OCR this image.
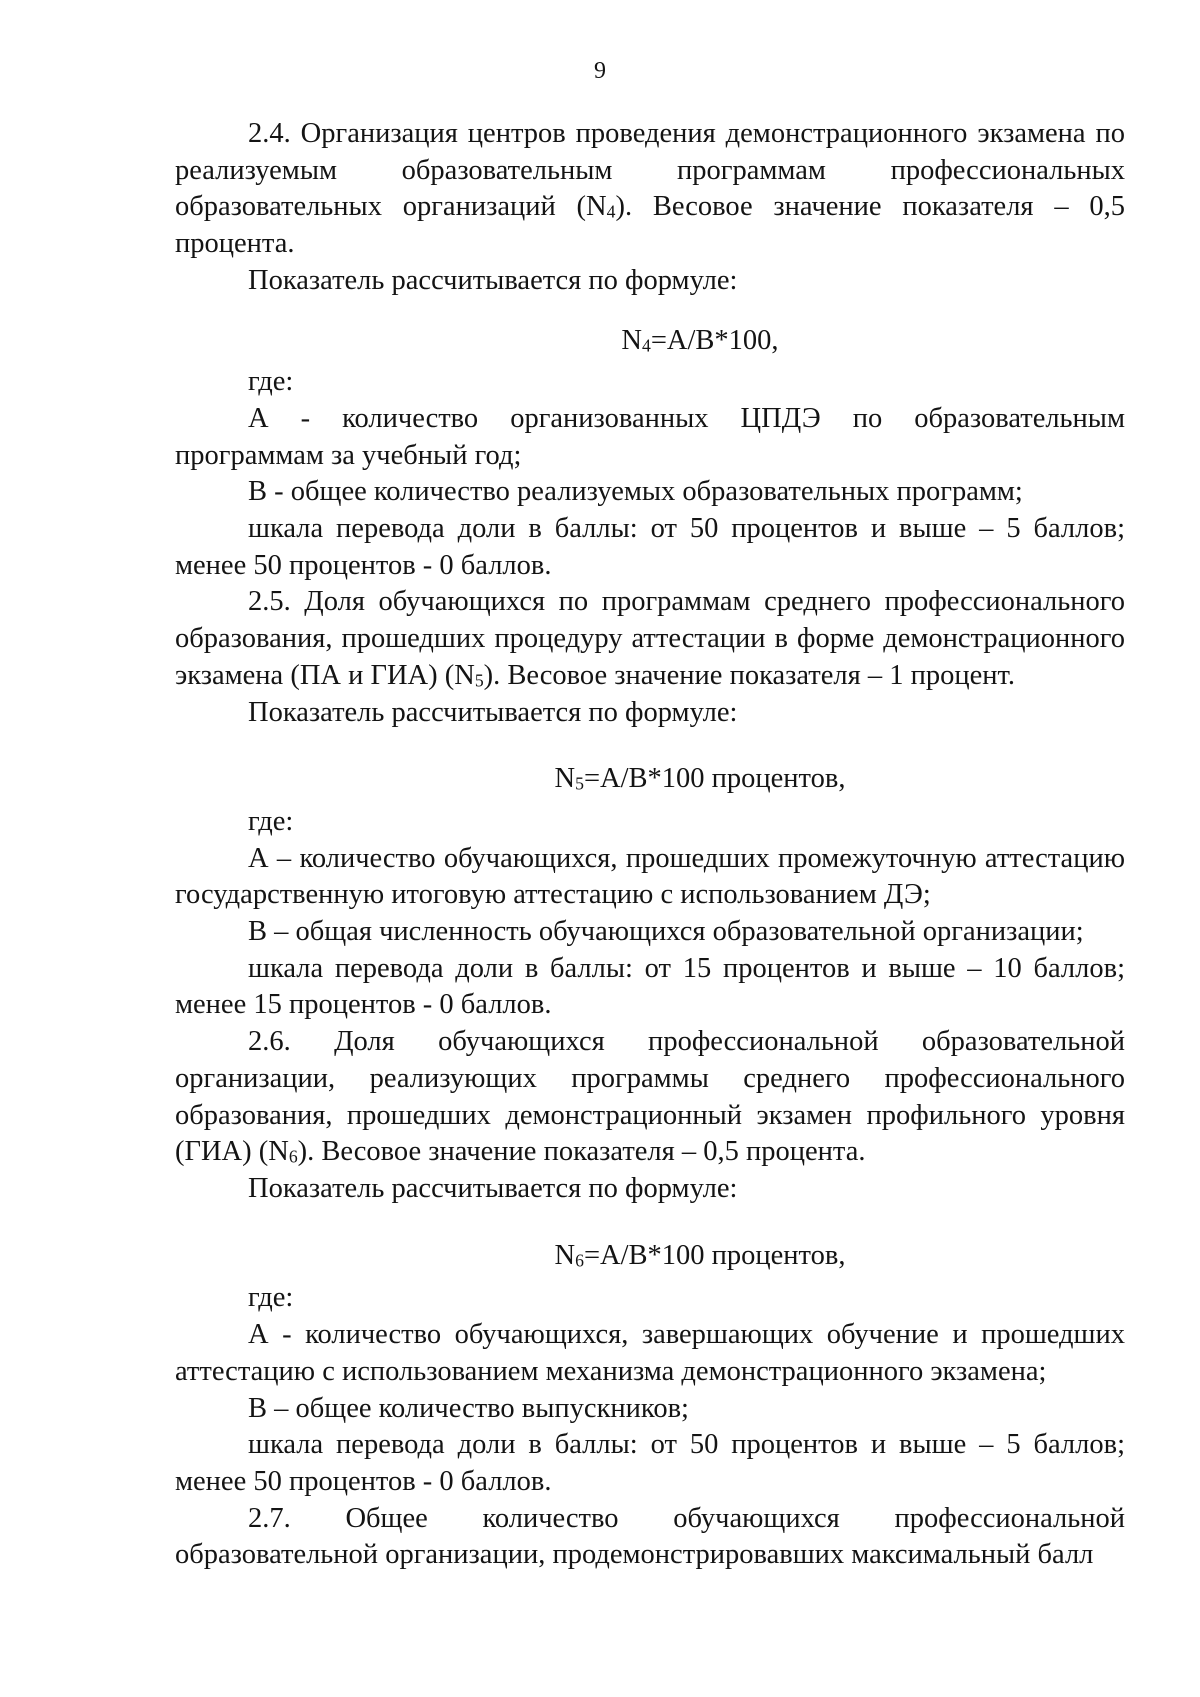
9

2.4. Организация центров проведения демонстрационного экзамена по реализуемым образовательным программам профессиональных образовательных организаций $(N_4)$. Весовое значение показателя – 0,5 процента.

Показатель рассчитывается по формуле:

$N_4=A/B*100$,

где:

А - количество организованных ЦПДЭ по образовательным программам за учебный год;

В - общее количество реализуемых образовательных программ;

шкала перевода доли в баллы: от 50 процентов и выше – 5 баллов; менее 50 процентов - 0 баллов.

2.5. Доля обучающихся по программам среднего профессионального образования, прошедших процедуру аттестации в форме демонстрационного экзамена (ПА и ГИА) $(N_5)$. Весовое значение показателя – 1 процент.

Показатель рассчитывается по формуле:

$N_5=A/B*100$ процентов,

где:

А – количество обучающихся, прошедших промежуточную аттестацию государственную итоговую аттестацию с использованием ДЭ;

В – общая численность обучающихся образовательной организации;

шкала перевода доли в баллы: от 15 процентов и выше – 10 баллов; менее 15 процентов - 0 баллов.

2.6. Доля обучающихся профессиональной образовательной организации, реализующих программы среднего профессионального образования, прошедших демонстрационный экзамен профильного уровня (ГИА) $(N_6)$. Весовое значение показателя – 0,5 процента.

Показатель рассчитывается по формуле:

$N_6=A/B*100$ процентов,

где:

А - количество обучающихся, завершающих обучение и прошедших аттестацию с использованием механизма демонстрационного экзамена;

В – общее количество выпускников;

шкала перевода доли в баллы: от 50 процентов и выше – 5 баллов; менее 50 процентов - 0 баллов.

2.7. Общее количество обучающихся профессиональной образовательной организации, продемонстрировавших максимальный балл
